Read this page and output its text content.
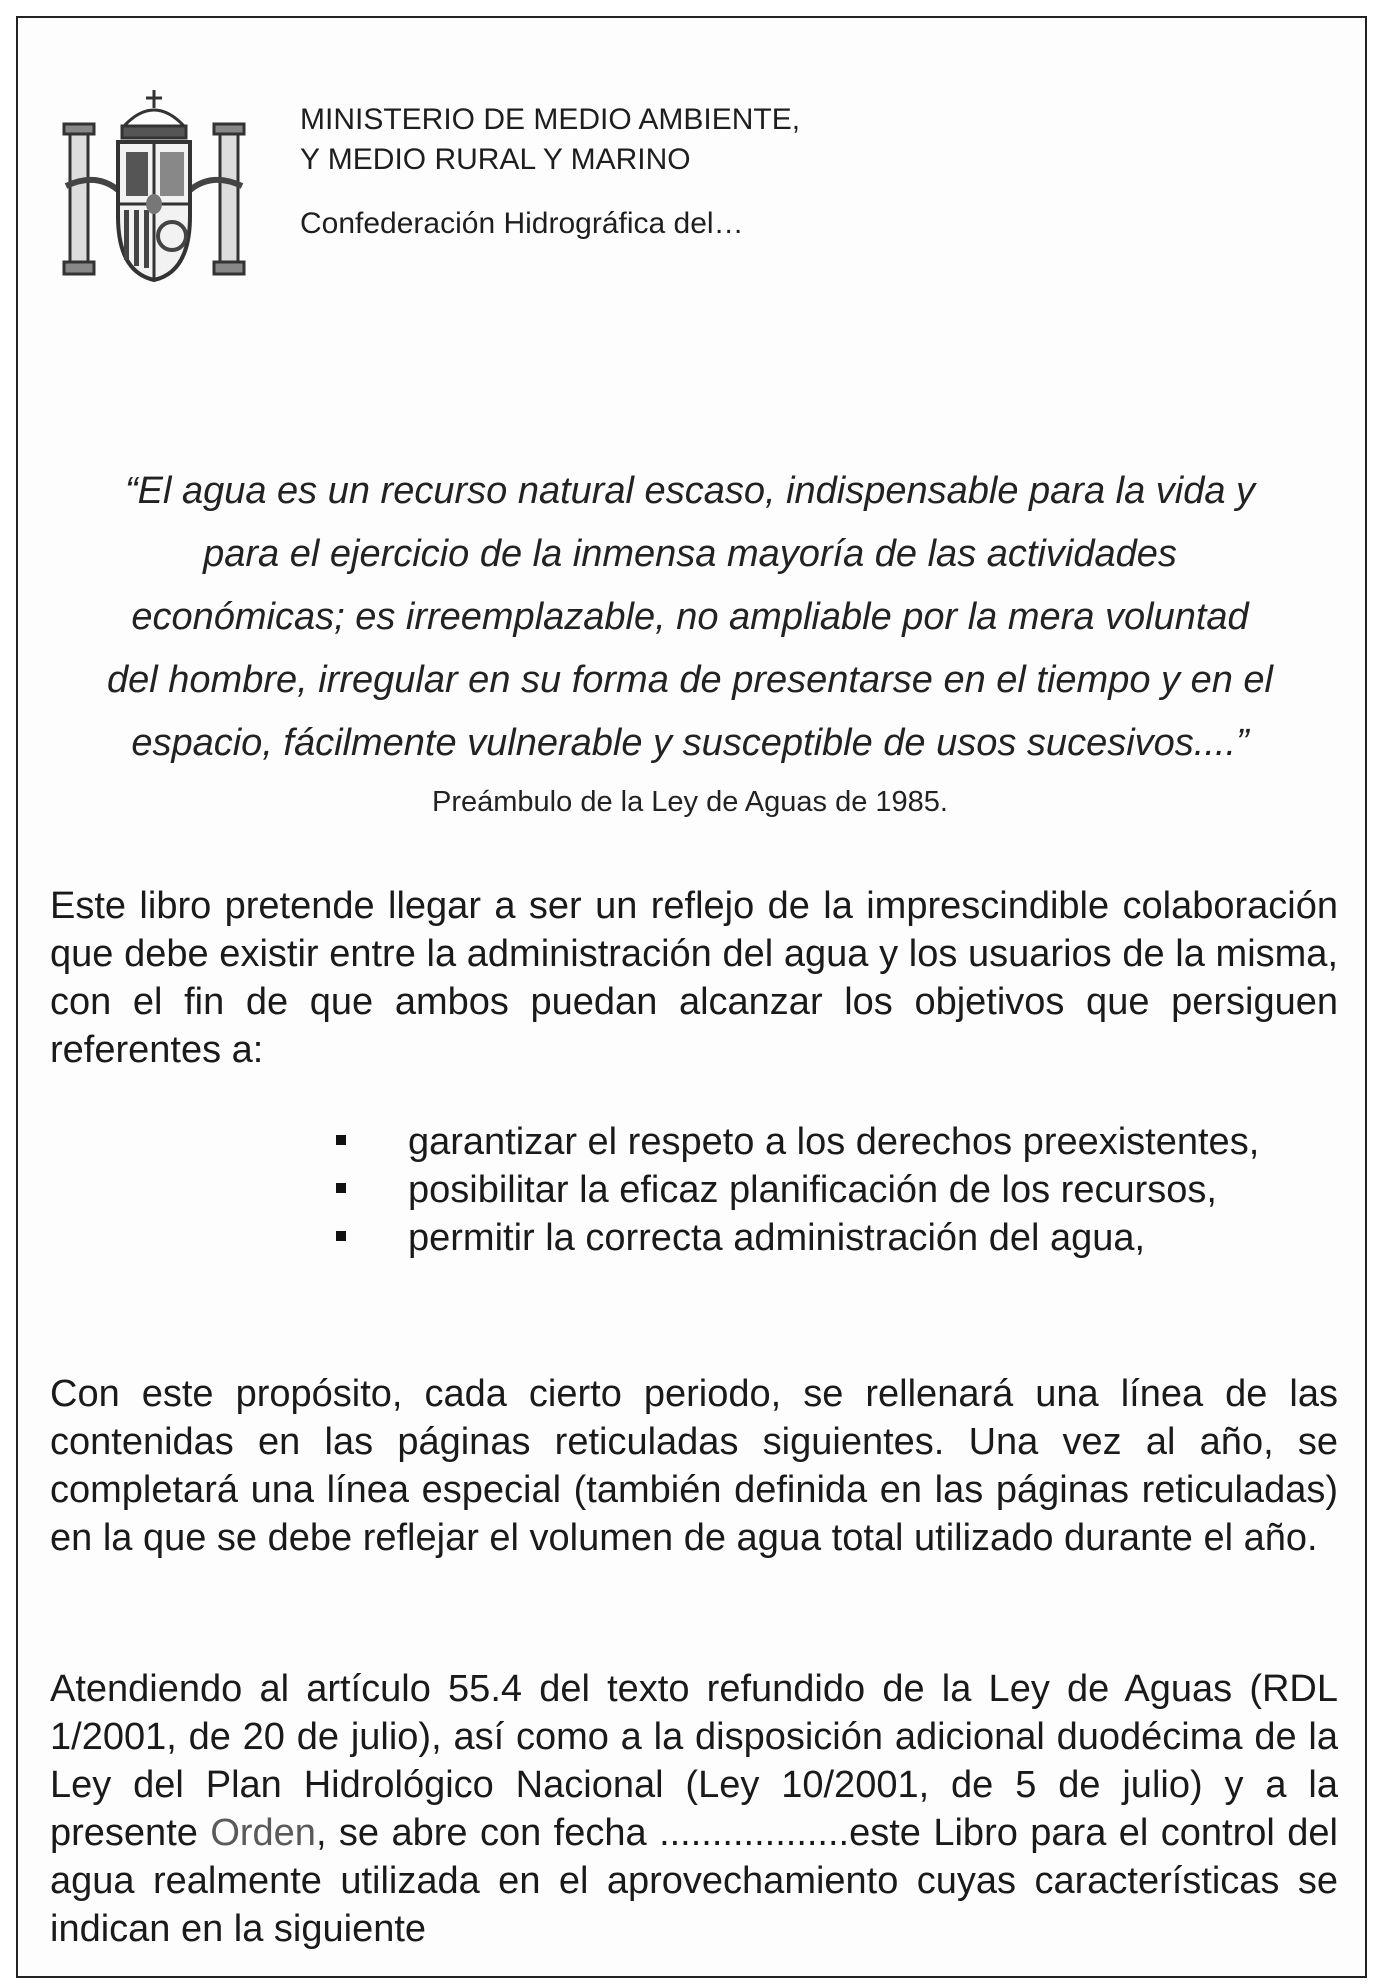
MINISTERIO DE MEDIO AMBIENTE,
Y MEDIO RURAL Y MARINO
Confederación Hidrográfica del…
“El agua es un recurso natural escaso, indispensable para la vida y
para el ejercicio de la inmensa mayoría de las actividades
económicas; es irreemplazable, no ampliable por la mera voluntad
del hombre, irregular en su forma de presentarse en el tiempo y en el
espacio, fácilmente vulnerable y susceptible de usos sucesivos....”
Preámbulo de la Ley de Aguas de 1985.
Este libro pretende llegar a ser un reflejo de la imprescindible colaboración que debe existir entre la administración del agua y los usuarios de la misma, con el fin de que ambos puedan alcanzar los objetivos que persiguen referentes a:
garantizar el respeto a los derechos preexistentes,
posibilitar la eficaz planificación de los recursos,
permitir la correcta administración del agua,
Con este propósito, cada cierto periodo, se rellenará una línea de las contenidas en las páginas reticuladas siguientes. Una vez al año, se completará una línea especial (también definida en las páginas reticuladas) en la que se debe reflejar el volumen de agua total utilizado durante el año.
Atendiendo al artículo 55.4 del texto refundido de la Ley de Aguas (RDL 1/2001, de 20 de julio), así como a la disposición adicional duodécima de la Ley del Plan Hidrológico Nacional (Ley 10/2001, de 5 de julio) y a la presente Orden, se abre con fecha ..................este Libro para el control del agua realmente utilizada en el aprovechamiento cuyas características se indican en la siguiente
